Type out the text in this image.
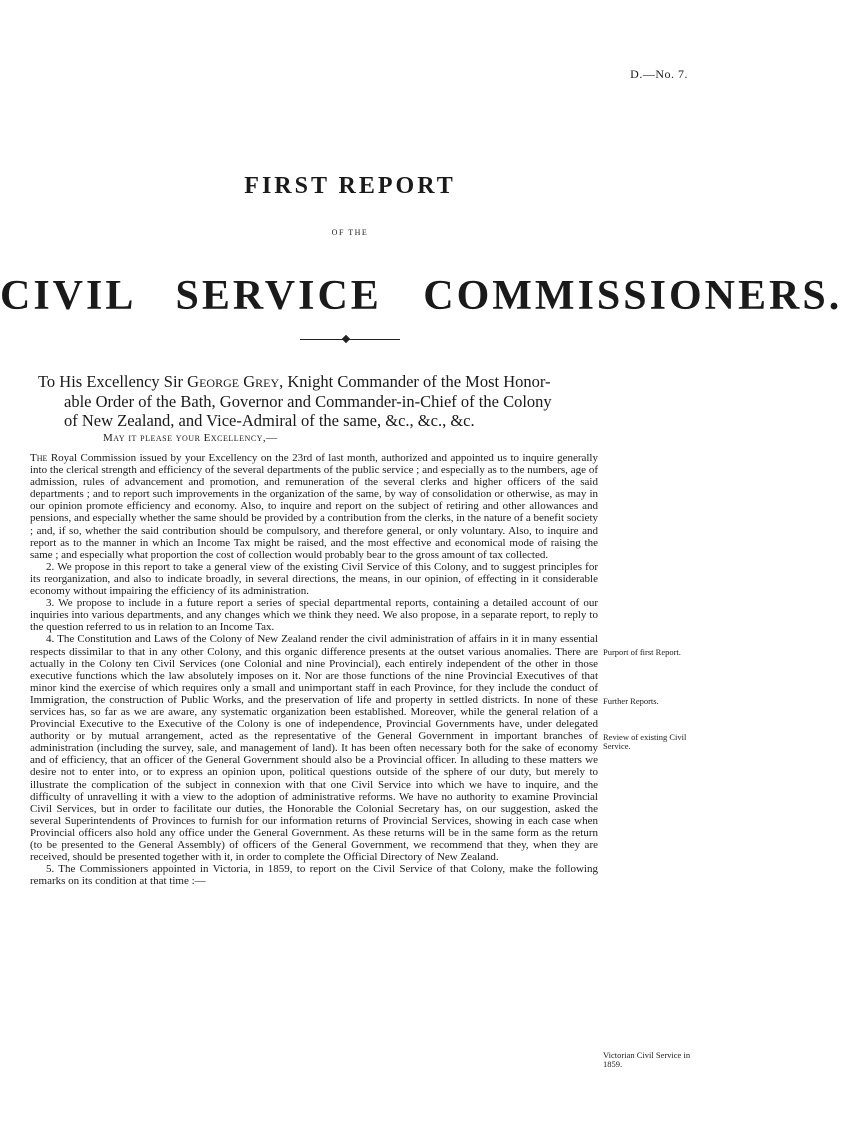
D.—No. 7.
FIRST REPORT
OF THE
CIVIL SERVICE COMMISSIONERS.
To His Excellency Sir George Grey, Knight Commander of the Most Honor-
able Order of the Bath, Governor and Commander-in-Chief of the Colony
of New Zealand, and Vice-Admiral of the same, &c., &c., &c.
May it please your Excellency,—

The Royal Commission issued by your Excellency on the 23rd of last month, authorized and appointed us to inquire generally into the clerical strength and efficiency of the several departments of the public service ; and especially as to the numbers, age of admission, rules of advancement and promotion, and remuneration of the several clerks and higher officers of the said departments ; and to report such improvements in the organization of the same, by way of consolidation or otherwise, as may in our opinion promote efficiency and economy. Also, to inquire and report on the subject of retiring and other allowances and pensions, and especially whether the same should be provided by a contribution from the clerks, in the nature of a benefit society ; and, if so, whether the said contribution should be compulsory, and therefore general, or only voluntary. Also, to inquire and report as to the manner in which an Income Tax might be raised, and the most effective and economical mode of raising the same ; and especially what proportion the cost of collection would probably bear to the gross amount of tax collected.

2. We propose in this report to take a general view of the existing Civil Service of this Colony, and to suggest principles for its reorganization, and also to indicate broadly, in several directions, the means, in our opinion, of effecting in it considerable economy without impairing the efficiency of its administration.

3. We propose to include in a future report a series of special departmental reports, containing a detailed account of our inquiries into various departments, and any changes which we think they need. We also propose, in a separate report, to reply to the question referred to us in relation to an Income Tax.

4. The Constitution and Laws of the Colony of New Zealand render the civil administration of affairs in it in many essential respects dissimilar to that in any other Colony, and this organic difference presents at the outset various anomalies. There are actually in the Colony ten Civil Services (one Colonial and nine Provincial), each entirely independent of the other in those executive functions which the law absolutely imposes on it. Nor are those functions of the nine Provincial Executives of that minor kind the exercise of which requires only a small and unimportant staff in each Province, for they include the conduct of Immigration, the construction of Public Works, and the preservation of life and property in settled districts. In none of these services has, so far as we are aware, any systematic organization been established. Moreover, while the general relation of a Provincial Executive to the Executive of the Colony is one of independence, Provincial Governments have, under delegated authority or by mutual arrangement, acted as the representative of the General Government in important branches of administration (including the survey, sale, and management of land). It has been often necessary both for the sake of economy and of efficiency, that an officer of the General Government should also be a Provincial officer. In alluding to these matters we desire not to enter into, or to express an opinion upon, political questions outside of the sphere of our duty, but merely to illustrate the complication of the subject in connexion with that one Civil Service into which we have to inquire, and the difficulty of unravelling it with a view to the adoption of administrative reforms. We have no authority to examine Provincial Civil Services, but in order to facilitate our duties, the Honorable the Colonial Secretary has, on our suggestion, asked the several Superintendents of Provinces to furnish for our information returns of Provincial Services, showing in each case when Provincial officers also hold any office under the General Government. As these returns will be in the same form as the return (to be presented to the General Assembly) of officers of the General Government, we recommend that they, when they are received, should be presented together with it, in order to complete the Official Directory of New Zealand.

5. The Commissioners appointed in Victoria, in 1859, to report on the Civil Service of that Colony, make the following remarks on its condition at that time :—

Purport of first Report.
Further Reports.
Review of existing Civil Service.
Victorian Civil Service in 1859.
